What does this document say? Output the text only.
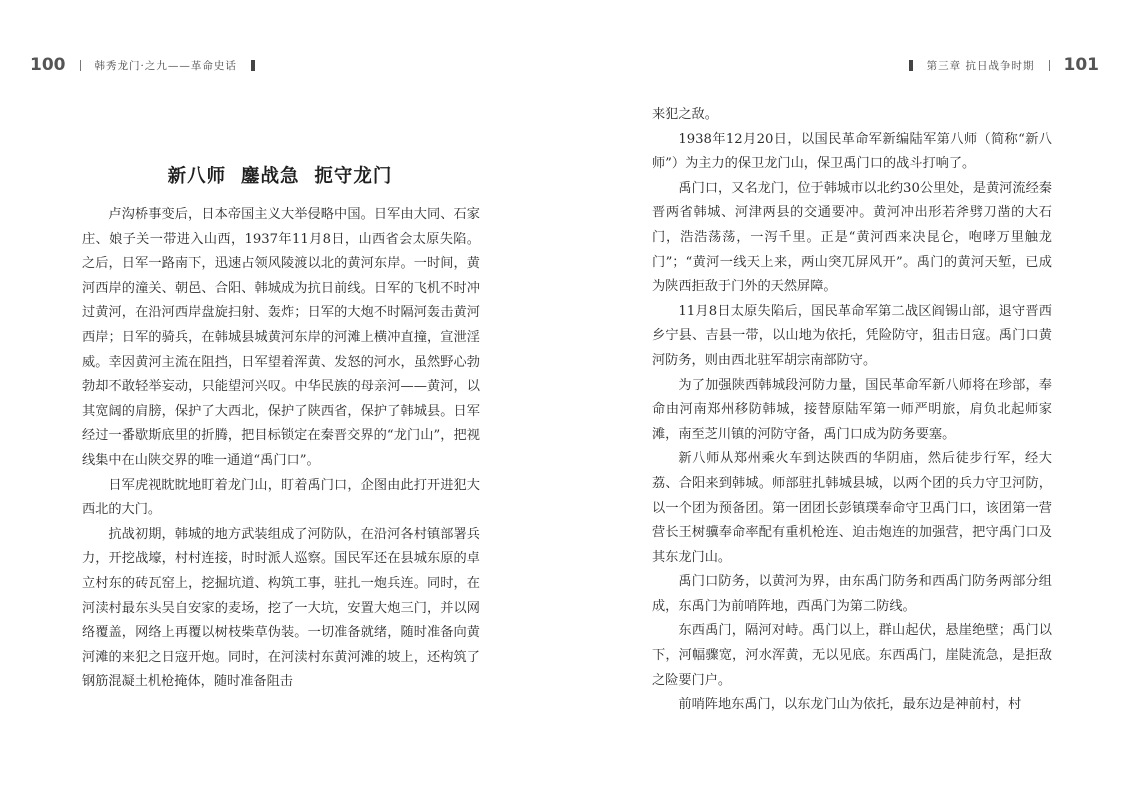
100	韩秀龙门·之九——革命史话
新八师  鏖战急  扼守龙门

卢沟桥事变后，日本帝国主义大举侵略中国。日军由大同、石家庄、娘子关一带进入山西，1937年11月8日，山西省会太原失陷。之后，日军一路南下，迅速占领风陵渡以北的黄河东岸。一时间，黄河西岸的潼关、朝邑、合阳、韩城成为抗日前线。日军的飞机不时冲过黄河，在沿河西岸盘旋扫射、轰炸；日军的大炮不时隔河轰击黄河西岸；日军的骑兵，在韩城县城黄河东岸的河滩上横冲直撞，宣泄淫威。幸因黄河主流在阻挡，日军望着浑黄、发怒的河水，虽然野心勃勃却不敢轻举妄动，只能望河兴叹。中华民族的母亲河——黄河，以其宽阔的肩膀，保护了大西北，保护了陕西省，保护了韩城县。日军经过一番歇斯底里的折腾，把目标锁定在秦晋交界的“龙门山”，把视线集中在山陕交界的唯一通道“禹门口”。

日军虎视眈眈地盯着龙门山，盯着禹门口，企图由此打开进犯大西北的大门。

抗战初期，韩城的地方武装组成了河防队，在沿河各村镇部署兵力，开挖战壕，村村连接，时时派人巡察。国民军还在县城东原的卓立村东的砖瓦窑上，挖掘坑道、构筑工事，驻扎一炮兵连。同时，在河渎村最东头吴自安家的麦场，挖了一大坑，安置大炮三门，并以网络覆盖，网络上再覆以树枝柴草伪装。一切准备就绪，随时准备向黄河滩的来犯之日寇开炮。同时，在河渎村东黄河滩的坡上，还构筑了钢筋混凝土机枪掩体，随时准备阻击

第三章 抗日战争时期 101

来犯之敌。

1938年12月20日，以国民革命军新编陆军第八师（简称“新八师”）为主力的保卫龙门山，保卫禹门口的战斗打响了。

禹门口，又名龙门，位于韩城市以北约30公里处，是黄河流经秦晋两省韩城、河津两县的交通要冲。黄河冲出形若斧劈刀凿的大石门，浩浩荡荡，一泻千里。正是“黄河西来决昆仑，咆哮万里触龙门”；“黄河一线天上来，两山突兀屏风开”。禹门的黄河天堑，已成为陕西拒敌于门外的天然屏障。

11月8日太原失陷后，国民革命军第二战区阎锡山部，退守晋西乡宁县、吉县一带，以山地为依托，凭险防守，狙击日寇。禹门口黄河防务，则由西北驻军胡宗南部防守。

为了加强陕西韩城段河防力量，国民革命军新八师将在珍部，奉命由河南郑州移防韩城，接替原陆军第一师严明旅，肩负北起师家滩，南至芝川镇的河防守备，禹门口成为防务要塞。

新八师从郑州乘火车到达陕西的华阴庙，然后徒步行军，经大荔、合阳来到韩城。师部驻扎韩城县城，以两个团的兵力守卫河防，以一个团为预备团。第一团团长彭镇璞奉命守卫禹门口，该团第一营营长王树骥奉命率配有重机枪连、迫击炮连的加强营，把守禹门口及其东龙门山。

禹门口防务，以黄河为界，由东禹门防务和西禹门防务两部分组成，东禹门为前哨阵地，西禹门为第二防线。

东西禹门，隔河对峙。禹门以上，群山起伏，悬崖绝壁；禹门以下，河幅骤宽，河水浑黄，无以见底。东西禹门，崖陡流急，是拒敌之险要门户。

前哨阵地东禹门，以东龙门山为依托，最东边是神前村，村
